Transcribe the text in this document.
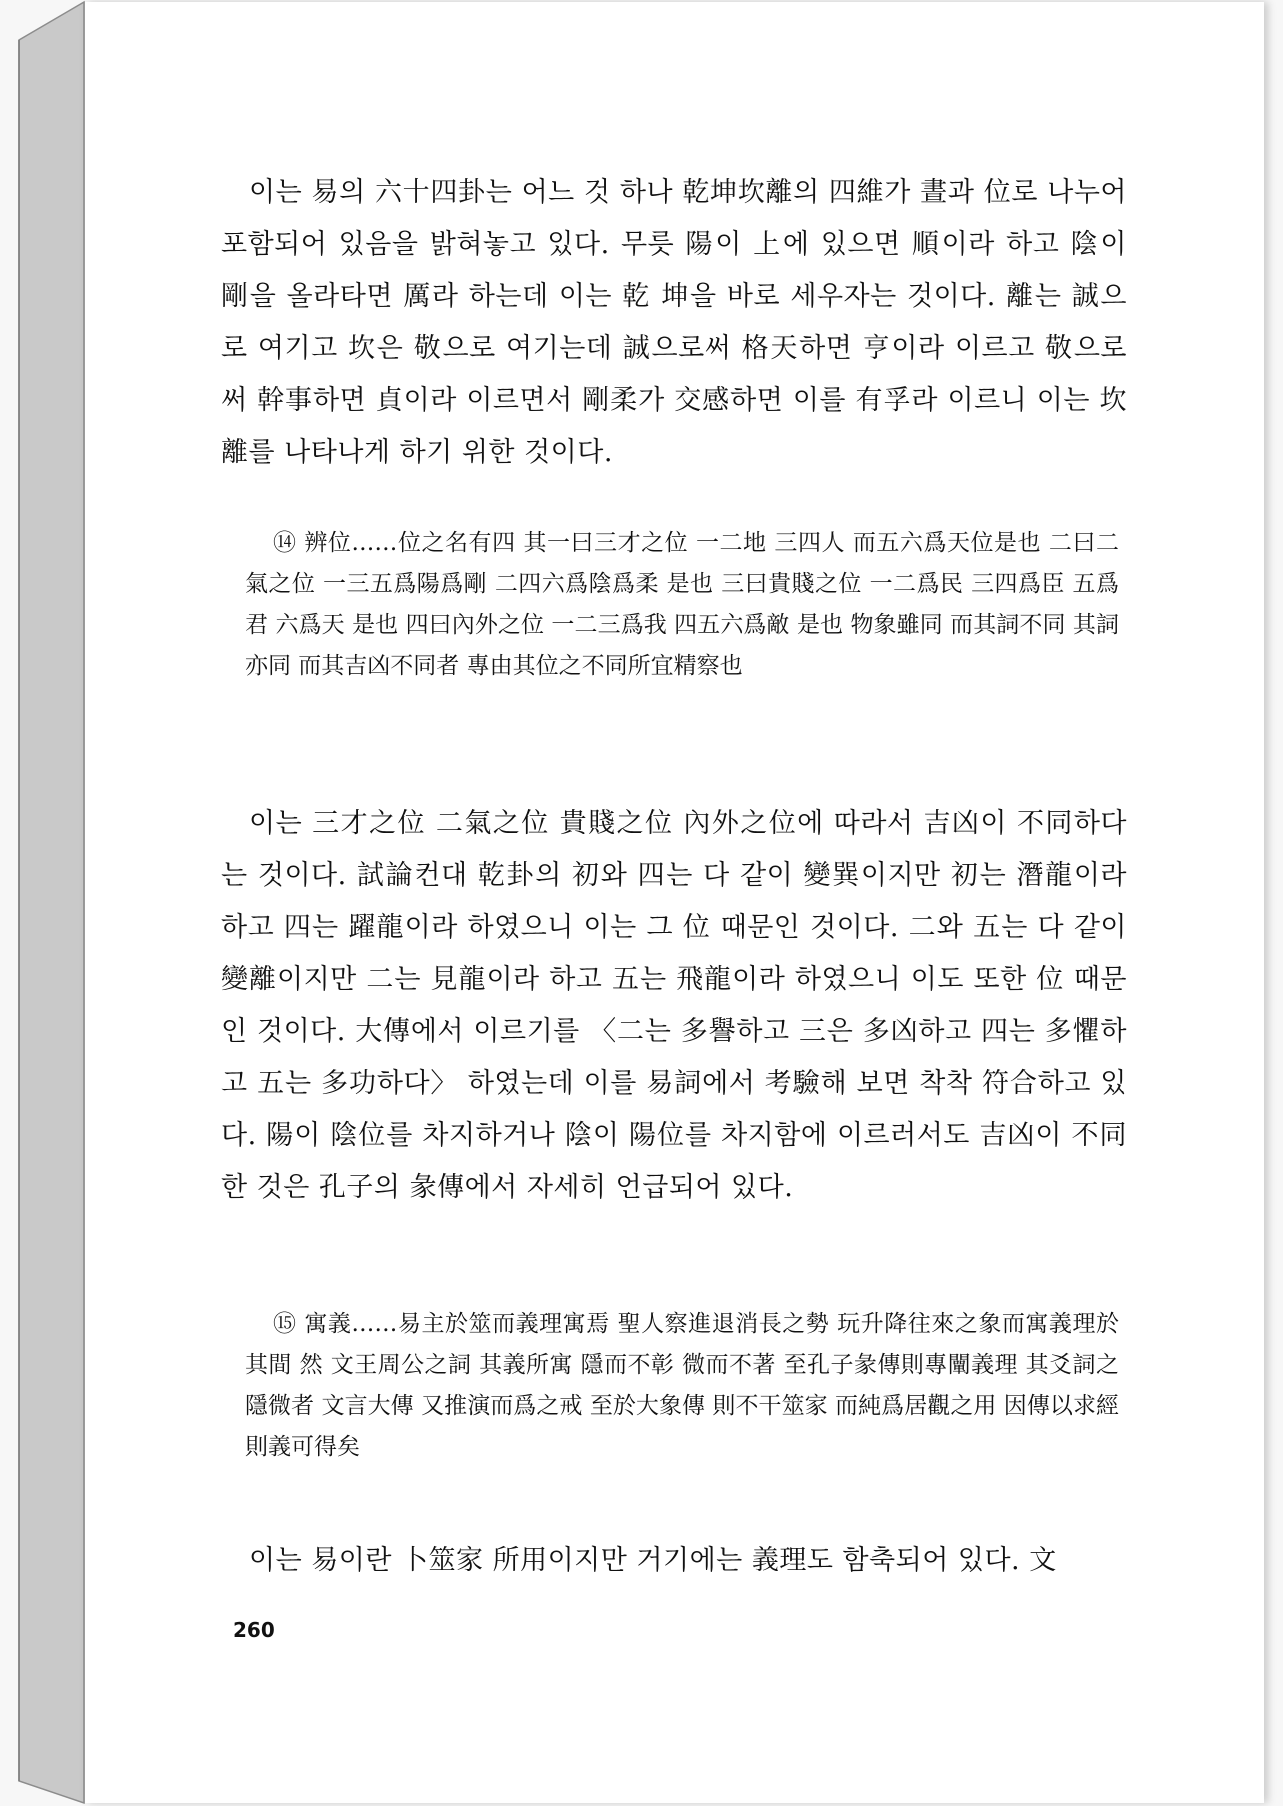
이는 易의 六十四卦는 어느 것 하나 乾坤坎離의 四維가 晝과 位로 나누어 포함되어 있음을 밝혀놓고 있다. 무릇 陽이 上에 있으면 順이라 하고 陰이 剛을 올라타면 厲라 하는데 이는 乾 坤을 바로 세우자는 것이다. 離는 誠으로 여기고 坎은 敬으로 여기는데 誠으로써 格天하면 亨이라 이르고 敬으로써 幹事하면 貞이라 이르면서 剛柔가 交感하면 이를 有孚라 이르니 이는 坎離를 나타나게 하기 위한 것이다.

⑭ 辨位……位之名有四 其一曰三才之位 一二地 三四人 而五六爲天位是也 二曰二氣之位 一三五爲陽爲剛 二四六爲陰爲柔 是也 三曰貴賤之位 一二爲民 三四爲臣 五爲君 六爲天 是也 四曰內外之位 一二三爲我 四五六爲敵 是也 物象雖同 而其詞不同 其詞亦同 而其吉凶不同者 專由其位之不同所宜精察也

이는 三才之位 二氣之位 貴賤之位 內外之位에 따라서 吉凶이 不同하다는 것이다. 試論컨대 乾卦의 初와 四는 다 같이 變巽이지만 初는 潛龍이라 하고 四는 躍龍이라 하였으니 이는 그 位 때문인 것이다. 二와 五는 다 같이 變離이지만 二는 見龍이라 하고 五는 飛龍이라 하였으니 이도 또한 位 때문인 것이다. 大傳에서 이르기를 〈二는 多譽하고 三은 多凶하고 四는 多懼하고 五는 多功하다〉 하였는데 이를 易詞에서 考驗해 보면 착착 符合하고 있다. 陽이 陰位를 차지하거나 陰이 陽位를 차지함에 이르러서도 吉凶이 不同한 것은 孔子의 彖傳에서 자세히 언급되어 있다.

⑮ 寓義……易主於筮而義理寓焉 聖人察進退消長之勢 玩升降往來之象而寓義理於其間 然 文王周公之詞 其義所寓 隱而不彰 微而不著 至孔子彖傳則專闡義理 其爻詞之隱微者 文言大傳 又推演而爲之戒 至於大象傳 則不干筮家 而純爲居觀之用 因傳以求經 則義可得矣

이는 易이란 卜筮家 所用이지만 거기에는 義理도 함축되어 있다. 文

260
